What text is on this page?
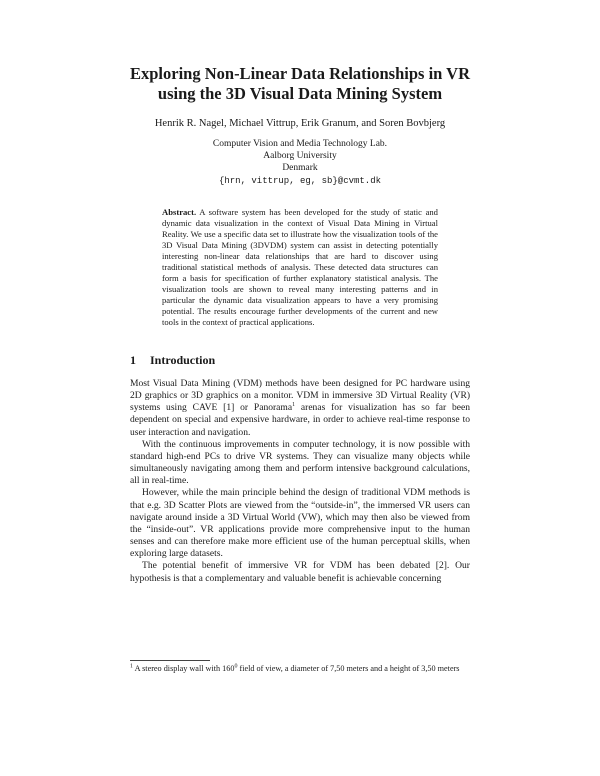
Exploring Non-Linear Data Relationships in VR
using the 3D Visual Data Mining System
Henrik R. Nagel, Michael Vittrup, Erik Granum, and Soren Bovbjerg
Computer Vision and Media Technology Lab.
Aalborg University
Denmark
{hrn, vittrup, eg, sb}@cvmt.dk
Abstract. A software system has been developed for the study of static and dynamic data visualization in the context of Visual Data Mining in Virtual Reality. We use a specific data set to illustrate how the visualization tools of the 3D Visual Data Mining (3DVDM) system can assist in detecting potentially interesting non-linear data relationships that are hard to discover using traditional statistical methods of analysis. These detected data structures can form a basis for specification of further explanatory statistical analysis. The visualization tools are shown to reveal many interesting patterns and in particular the dynamic data visualization appears to have a very promising potential. The results encourage further developments of the current and new tools in the context of practical applications.
1 Introduction

Most Visual Data Mining (VDM) methods have been designed for PC hardware using 2D graphics or 3D graphics on a monitor. VDM in immersive 3D Virtual Reality (VR) systems using CAVE [1] or Panorama$^1$ arenas for visualization has so far been dependent on special and expensive hardware, in order to achieve real-time response to user interaction and navigation.

With the continuous improvements in computer technology, it is now possible with standard high-end PCs to drive VR systems. They can visualize many objects while simultaneously navigating among them and perform intensive background calculations, all in real-time.

However, while the main principle behind the design of traditional VDM methods is that e.g. 3D Scatter Plots are viewed from the “outside-in”, the immersed VR users can navigate around inside a 3D Virtual World (VW), which may then also be viewed from the “inside-out”. VR applications provide more comprehensive input to the human senses and can therefore make more efficient use of the human perceptual skills, when exploring large datasets.

The potential benefit of immersive VR for VDM has been debated [2]. Our hypothesis is that a complementary and valuable benefit is achievable concerning

$^1$ A stereo display wall with $160^0$ field of view, a diameter of 7,50 meters and a height of 3,50 meters
